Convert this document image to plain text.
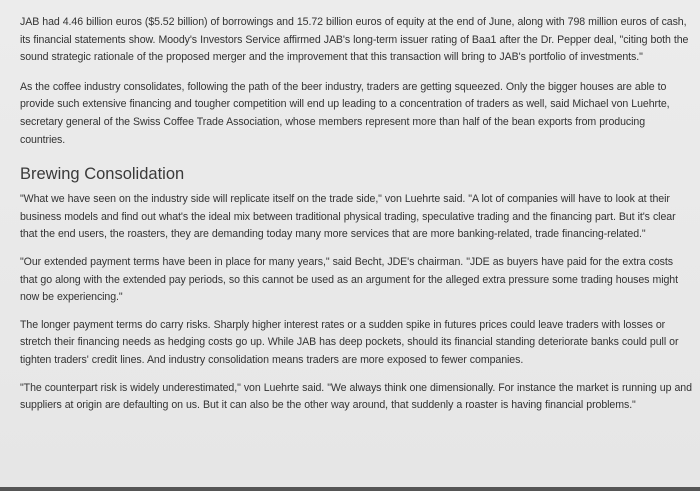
JAB had 4.46 billion euros ($5.52 billion) of borrowings and 15.72 billion euros of equity at the end of June, along with 798 million euros of cash, its financial statements show. Moody's Investors Service affirmed JAB's long-term issuer rating of Baa1 after the Dr. Pepper deal, "citing both the sound strategic rationale of the proposed merger and the improvement that this transaction will bring to JAB's portfolio of investments."

As the coffee industry consolidates, following the path of the beer industry, traders are getting squeezed. Only the bigger houses are able to provide such extensive financing and tougher competition will end up leading to a concentration of traders as well, said Michael von Luehrte, secretary general of the Swiss Coffee Trade Association, whose members represent more than half of the bean exports from producing countries.

Brewing Consolidation

"What we have seen on the industry side will replicate itself on the trade side," von Luehrte said. "A lot of companies will have to look at their business models and find out what's the ideal mix between traditional physical trading, speculative trading and the financing part. But it's clear that the end users, the roasters, they are demanding today many more services that are more banking-related, trade financing-related."

"Our extended payment terms have been in place for many years," said Becht, JDE's chairman. "JDE as buyers have paid for the extra costs that go along with the extended pay periods, so this cannot be used as an argument for the alleged extra pressure some trading houses might now be experiencing."

The longer payment terms do carry risks. Sharply higher interest rates or a sudden spike in futures prices could leave traders with losses or stretch their financing needs as hedging costs go up. While JAB has deep pockets, should its financial standing deteriorate banks could pull or tighten traders' credit lines. And industry consolidation means traders are more exposed to fewer companies.

"The counterpart risk is widely underestimated," von Luehrte said. "We always think one dimensionally. For instance the market is running up and suppliers at origin are defaulting on us. But it can also be the other way around, that suddenly a roaster is having financial problems."
